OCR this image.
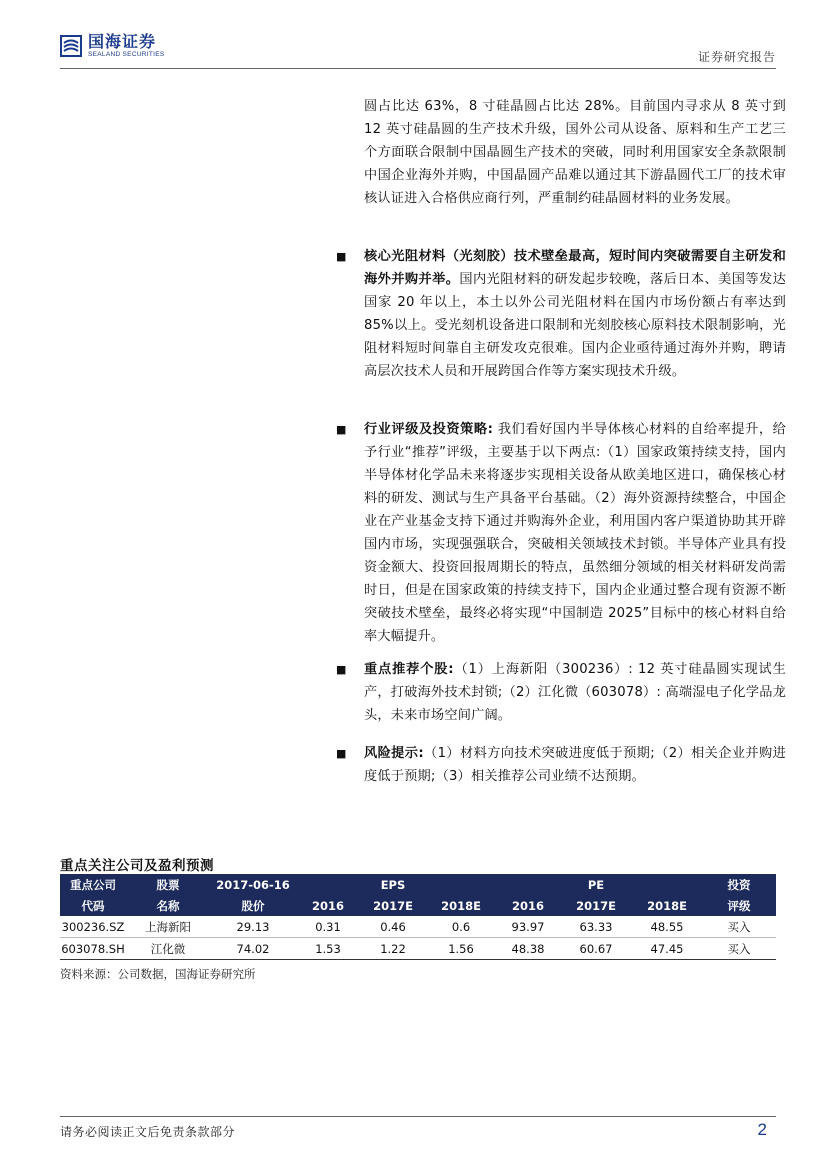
国海证券
SEALAND SECURITIES	证券研究报告
圆占比达 63%，8 寸硅晶圆占比达 28%。目前国内寻求从 8 英寸到 12 英寸硅晶圆的生产技术升级，国外公司从设备、原料和生产工艺三个方面联合限制中国晶圆生产技术的突破，同时利用国家安全条款限制中国企业海外并购，中国晶圆产品难以通过其下游晶圆代工厂的技术审核认证进入合格供应商行列，严重制约硅晶圆材料的业务发展。
■ 核心光阻材料（光刻胶）技术壁垒最高，短时间内突破需要自主研发和海外并购并举。国内光阻材料的研发起步较晚，落后日本、美国等发达国家 20 年以上，本土以外公司光阻材料在国内市场份额占有率达到 85%以上。受光刻机设备进口限制和光刻胶核心原料技术限制影响，光阻材料短时间靠自主研发攻克很难。国内企业亟待通过海外并购，聘请高层次技术人员和开展跨国合作等方案实现技术升级。
■ 行业评级及投资策略: 我们看好国内半导体核心材料的自给率提升，给予行业“推荐”评级，主要基于以下两点:（1）国家政策持续支持，国内半导体材化学品未来将逐步实现相关设备从欧美地区进口，确保核心材料的研发、测试与生产具备平台基础。（2）海外资源持续整合，中国企业在产业基金支持下通过并购海外企业，利用国内客户渠道协助其开辟国内市场，实现强强联合，突破相关领域技术封锁。半导体产业具有投资金额大、投资回报周期长的特点，虽然细分领域的相关材料研发尚需时日，但是在国家政策的持续支持下，国内企业通过整合现有资源不断突破技术壁垒，最终必将实现“中国制造 2025”目标中的核心材料自给率大幅提升。
■ 重点推荐个股:（1）上海新阳（300236）: 12 英寸硅晶圆实现试生产，打破海外技术封锁;（2）江化微（603078）: 高端湿电子化学品龙头，未来市场空间广阔。
■ 风险提示:（1）材料方向技术突破进度低于预期;（2）相关企业并购进度低于预期;（3）相关推荐公司业绩不达预期。
重点关注公司及盈利预测
重点公司	股票	2017-06-16		EPS			PE		投资
代码	名称	股价	2016	2017E	2018E	2016	2017E	2018E	评级
300236.SZ	上海新阳	29.13	0.31	0.46	0.6	93.97	63.33	48.55	买入
603078.SH	江化微	74.02	1.53	1.22	1.56	48.38	60.67	47.45	买入
资料来源：公司数据，国海证券研究所
请务必阅读正文后免责条款部分	2
